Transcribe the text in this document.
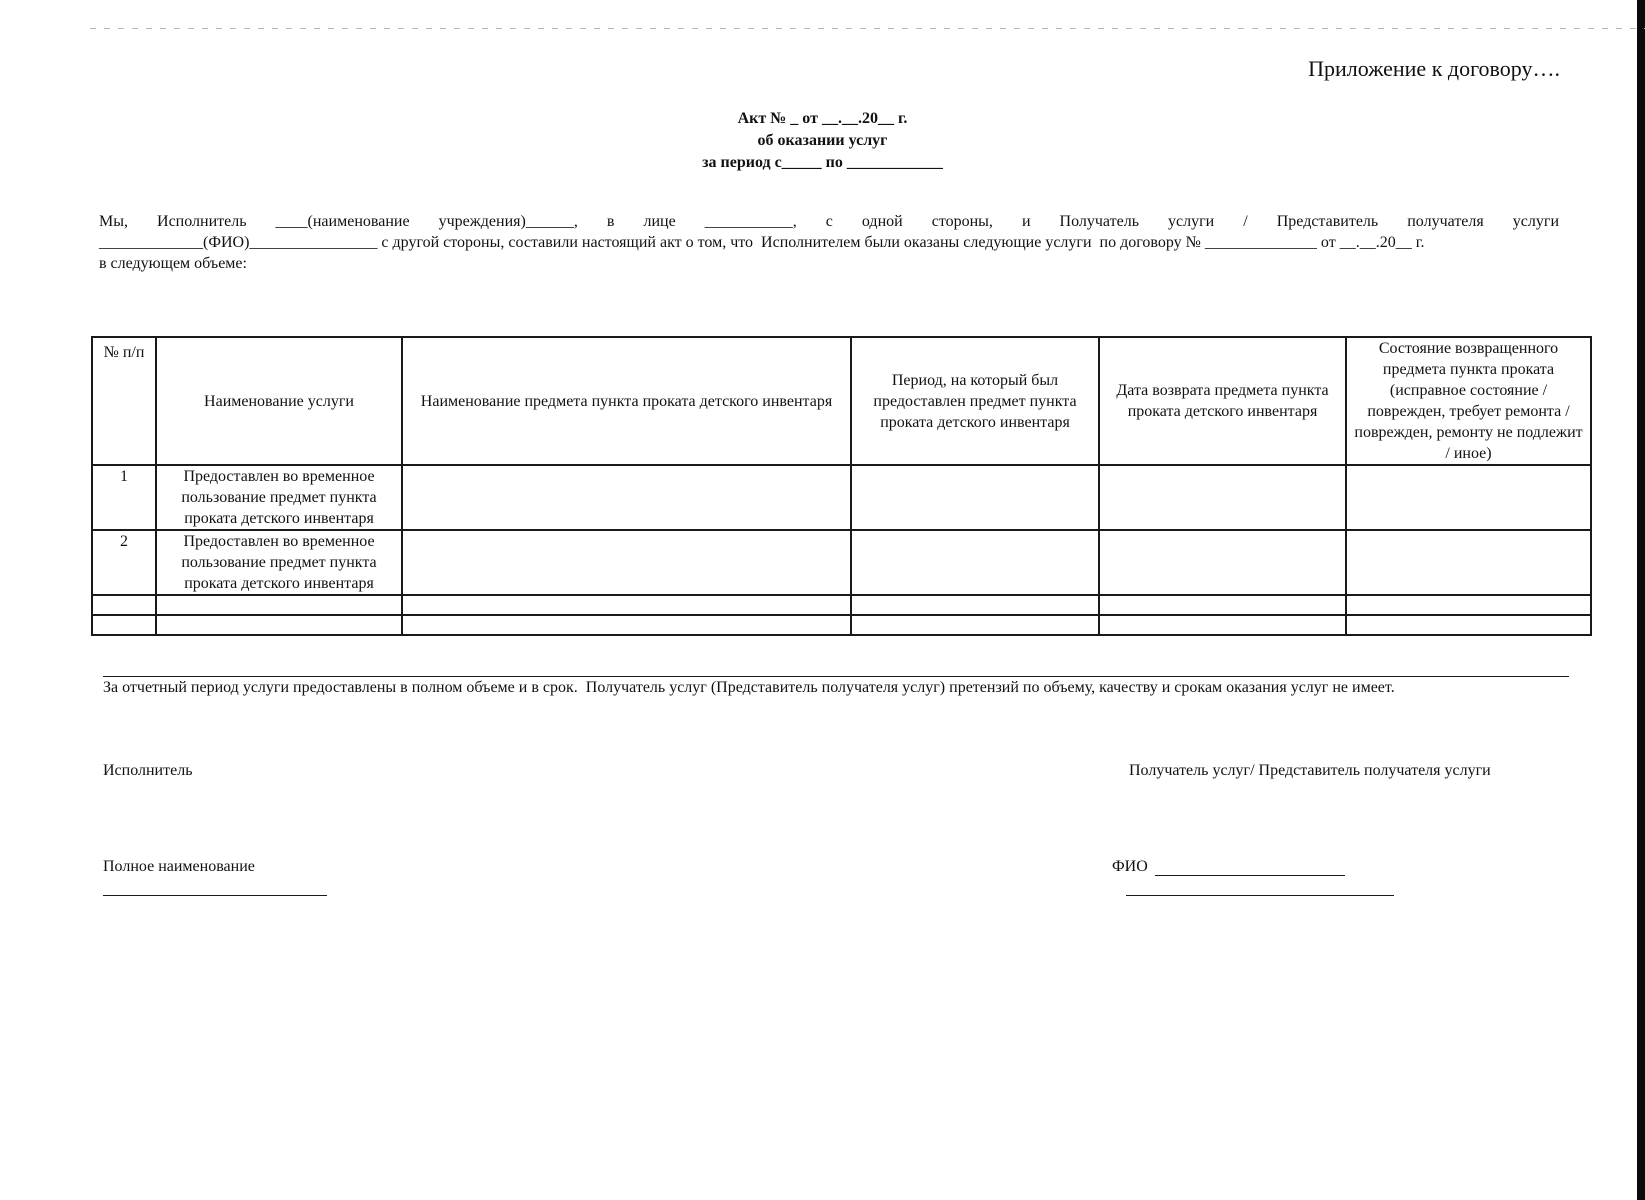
Приложение к договору….
Акт № _ от __.__.20__ г.
об оказании услуг
за период с_____ по ____________
Мы, Исполнитель ____(наименование учреждения)______, в лице ___________, с одной стороны, и Получатель услуги / Представитель получателя услуги
_____________(ФИО)________________ с другой стороны, составили настоящий акт о том, что  Исполнителем были оказаны следующие услуги  по договору № ______________ от __.__.20__ г.
в следующем объеме:
№ п/п	Наименование услуги	Наименование предмета пункта проката детского инвентаря	Период, на который был предоставлен предмет пункта проката детского инвентаря	Дата возврата предмета пункта проката детского инвентаря	Состояние возвращенного предмета пункта проката (исправное состояние / поврежден, требует ремонта / поврежден, ремонту не подлежит / иное)
1	Предоставлен во временное пользование предмет пункта проката детского инвентаря				
2	Предоставлен во временное пользование предмет пункта проката детского инвентаря				

За отчетный период услуги предоставлены в полном объеме и в срок.  Получатель услуг (Представитель получателя услуг) претензий по объему, качеству и срокам оказания услуг не имеет.
Исполнитель	Получатель услуг/ Представитель получателя услуги
Полное наименование	ФИО
